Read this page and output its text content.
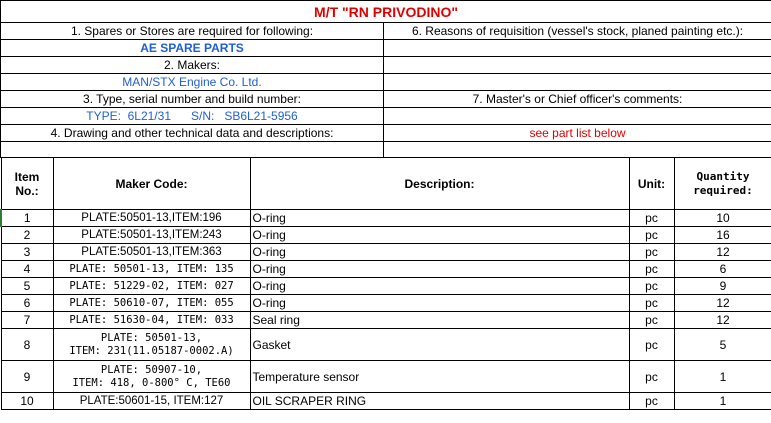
M/T "RN PRIVODINO"	
1. Spares or Stores are required for following:	6. Reasons of requisition (vessel's stock, planed painting etc.):
AE SPARE PARTS	
2. Makers:	
MAN/STX Engine Co. Ltd.	
3. Type, serial number and build number:	7. Master's or Chief officer's comments:
TYPE:  6L21/31      S/N:   SB6L21-5956	
4. Drawing and other technical data and descriptions:	see part list below

Item No.:	Maker Code:	Description:	Unit:	Quantity required:
1	PLATE:50501-13,ITEM:196	O-ring	pc	10
2	PLATE:50501-13,ITEM:243	O-ring	pc	16
3	PLATE:50501-13,ITEM:363	O-ring	pc	12
4	PLATE: 50501-13, ITEM: 135	O-ring	pc	6
5	PLATE: 51229-02, ITEM: 027	O-ring	pc	9
6	PLATE: 50610-07, ITEM: 055	O-ring	pc	12
7	PLATE: 51630-04, ITEM: 033	Seal ring	pc	12
8	PLATE: 50501-13,
ITEM: 231(11.05187-0002.A)	Gasket	pc	5
9	PLATE: 50907-10,
ITEM: 418, 0-800° C, TE60	Temperature sensor	pc	1
10	PLATE:50601-15, ITEM:127	OIL SCRAPER RING	pc	1
